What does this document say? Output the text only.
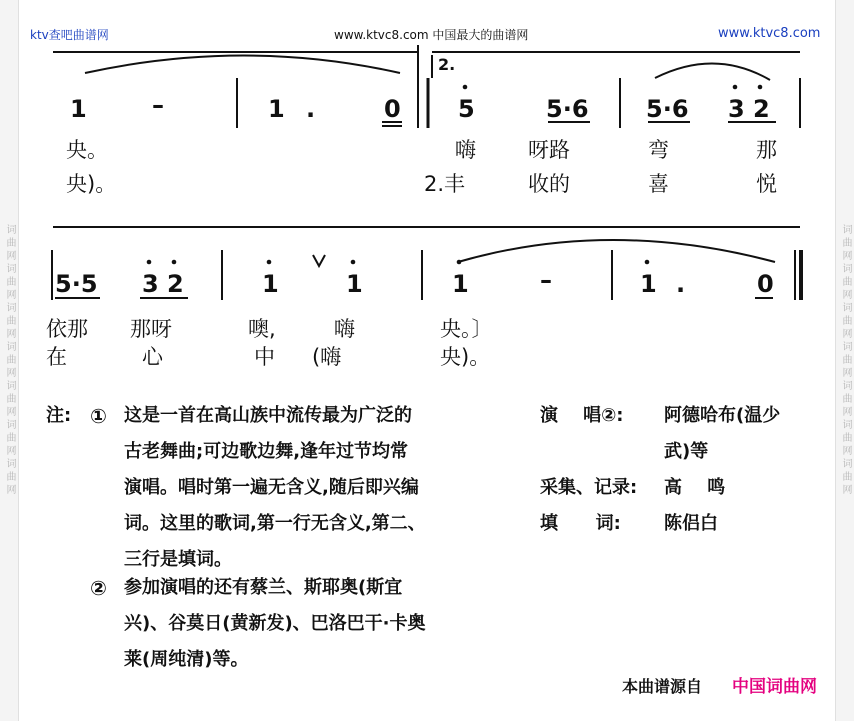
词曲网词曲网词曲网词曲网词曲网词曲网词曲网	词曲网词曲网词曲网词曲网词曲网词曲网词曲网
ktv查吧曲谱网	www.ktvc8.com 中国最大的曲谱网	www.ktvc8.com
1	–	1 .	0 5	5·6 5·6 3 2
5·5 3 2	1	1	1	–	1 .	0
2.
央。	嗨 呀路	弯	那
央)。	2.丰	收的	喜	悦
依那 那呀	噢,	嗨	央。〕
在	心	中 (嗨	央)。
注: ① 这是一首在高山族中流传最为广泛的
古老舞曲;可边歌边舞,逢年过节均常
演唱。唱时第一遍无含义,随后即兴编
词。这里的歌词,第一行无含义,第二、
三行是填词。
② 参加演唱的还有蔡兰、斯耶奥(斯宜
兴)、谷莫日(黄新发)、巴洛巴干·卡奥
莱(周纯清)等。
演    唱②: 阿德哈布(温少
武)等
采集、记录: 高    鸣
填      词: 陈侣白
本曲谱源自 中国词曲网
